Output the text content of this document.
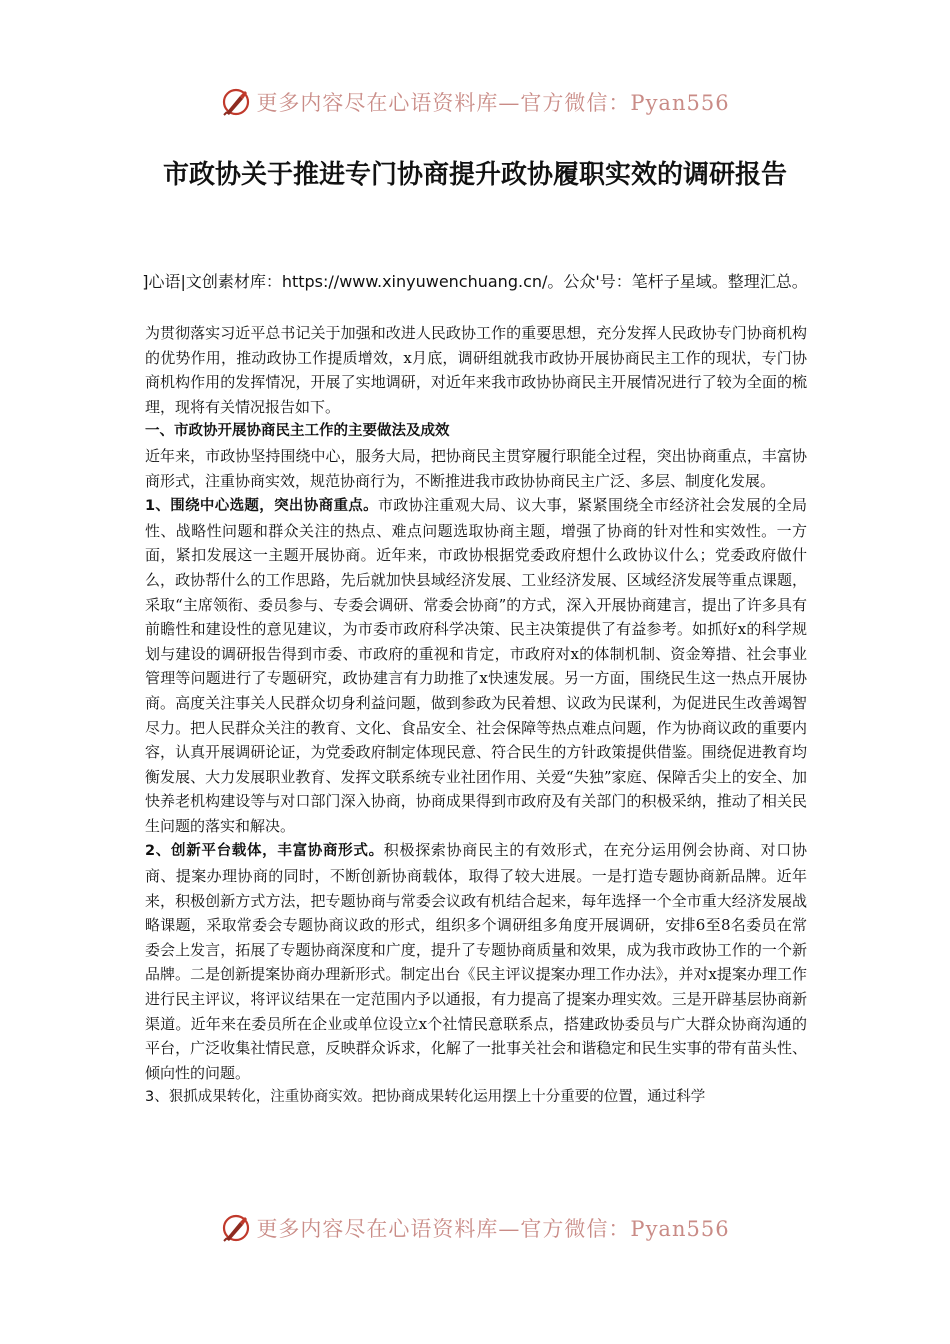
更多内容尽在心语资料库—官方微信：Pyan556
市政协关于推进专门协商提升政协履职实效的调研报告

]心语|文创素材库：https://www.xinyuwenchuang.cn/。公众'号：笔杆子星域。整理汇总。

为贯彻落实习近平总书记关于加强和改进人民政协工作的重要思想，充分发挥人民政协专门协商机构的优势作用，推动政协工作提质增效，x月底，调研组就我市政协开展协商民主工作的现状，专门协商机构作用的发挥情况，开展了实地调研，对近年来我市政协协商民主开展情况进行了较为全面的梳理，现将有关情况报告如下。

一、市政协开展协商民主工作的主要做法及成效

近年来，市政协坚持围绕中心，服务大局，把协商民主贯穿履行职能全过程，突出协商重点，丰富协商形式，注重协商实效，规范协商行为，不断推进我市政协协商民主广泛、多层、制度化发展。

1、围绕中心选题，突出协商重点。市政协注重观大局、议大事，紧紧围绕全市经济社会发展的全局性、战略性问题和群众关注的热点、难点问题选取协商主题，增强了协商的针对性和实效性。一方面，紧扣发展这一主题开展协商。近年来，市政协根据党委政府想什么政协议什么；党委政府做什么，政协帮什么的工作思路，先后就加快县域经济发展、工业经济发展、区域经济发展等重点课题，采取“主席领衔、委员参与、专委会调研、常委会协商”的方式，深入开展协商建言，提出了许多具有前瞻性和建设性的意见建议，为市委市政府科学决策、民主决策提供了有益参考。如抓好x的科学规划与建设的调研报告得到市委、市政府的重视和肯定，市政府对x的体制机制、资金筹措、社会事业管理等问题进行了专题研究，政协建言有力助推了x快速发展。另一方面，围绕民生这一热点开展协商。高度关注事关人民群众切身利益问题，做到参政为民着想、议政为民谋利，为促进民生改善竭智尽力。把人民群众关注的教育、文化、食品安全、社会保障等热点难点问题，作为协商议政的重要内容，认真开展调研论证，为党委政府制定体现民意、符合民生的方针政策提供借鉴。围绕促进教育均衡发展、大力发展职业教育、发挥文联系统专业社团作用、关爱“失独”家庭、保障舌尖上的安全、加快养老机构建设等与对口部门深入协商，协商成果得到市政府及有关部门的积极采纳，推动了相关民生问题的落实和解决。

2、创新平台载体，丰富协商形式。积极探索协商民主的有效形式，在充分运用例会协商、对口协商、提案办理协商的同时，不断创新协商载体，取得了较大进展。一是打造专题协商新品牌。近年来，积极创新方式方法，把专题协商与常委会议政有机结合起来，每年选择一个全市重大经济发展战略课题，采取常委会专题协商议政的形式，组织多个调研组多角度开展调研，安排6至8名委员在常委会上发言，拓展了专题协商深度和广度，提升了专题协商质量和效果，成为我市政协工作的一个新品牌。二是创新提案协商办理新形式。制定出台《民主评议提案办理工作办法》，并对x提案办理工作进行民主评议，将评议结果在一定范围内予以通报，有力提高了提案办理实效。三是开辟基层协商新渠道。近年来在委员所在企业或单位设立x个社情民意联系点，搭建政协委员与广大群众协商沟通的平台，广泛收集社情民意，反映群众诉求，化解了一批事关社会和谐稳定和民生实事的带有苗头性、倾向性的问题。

3、狠抓成果转化，注重协商实效。把协商成果转化运用摆上十分重要的位置，通过科学

更多内容尽在心语资料库—官方微信：Pyan556
